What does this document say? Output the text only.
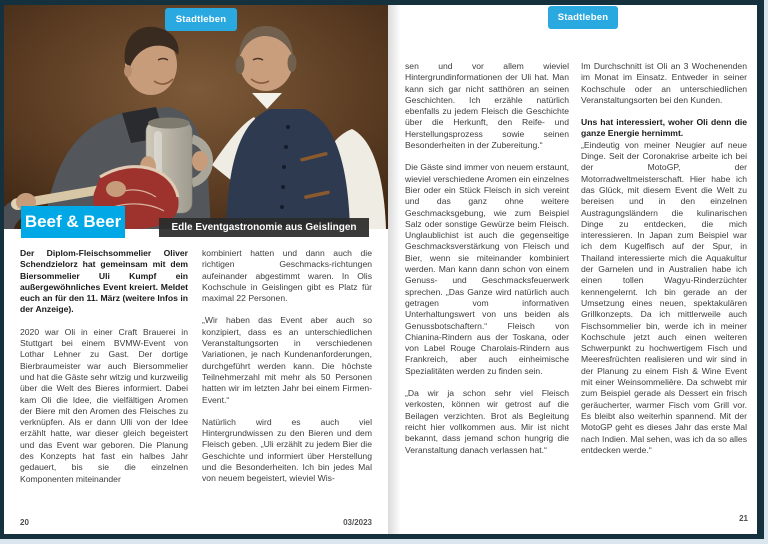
Stadtleben	Stadtleben
Beef & Beer	Edle Eventgastronomie aus Geislingen

Der Diplom-Fleischsommelier Oliver Schendzielorz hat gemeinsam mit dem Biersommelier Uli Kumpf ein außergewöhnliches Event kreiert. Meldet euch an für den 11. März (weitere Infos in der Anzeige).

2020 war Oli in einer Craft Brauerei in Stuttgart bei einem BVMW-Event von Lothar Lehner zu Gast. Der dortige Bierbraumeister war auch Biersommelier und hat die Gäste sehr witzig und kurzweilig über die Welt des Bieres informiert. Dabei kam Oli die Idee, die vielfältigen Aromen der Biere mit den Aromen des Fleisches zu verknüpfen. Als er dann Ulli von der Idee erzählt hatte, war dieser gleich begeistert und das Event war geboren. Die Planung des Konzepts hat fast ein halbes Jahr gedauert, bis sie die einzelnen Komponenten miteinander

kombiniert hatten und dann auch die richtigen Geschmacks-richtungen aufeinander abgestimmt waren. In Olis Kochschule in Geislingen gibt es Platz für maximal 22 Personen.

„Wir haben das Event aber auch so konzipiert, dass es an unterschiedlichen Veranstaltungsorten in verschiedenen Variationen, je nach Kundenanforderungen, durchgeführt werden kann. Die höchste Teilnehmerzahl mit mehr als 50 Personen hatten wir im letzten Jahr bei einem Firmen-Event.“

Natürlich wird es auch viel Hintergrundwissen zu den Bieren und dem Fleisch geben. „Uli erzählt zu jedem Bier die Geschichte und informiert über Herstellung und die Besonderheiten. Ich bin jedes Mal von neuem begeistert, wieviel Wis-

sen und vor allem wieviel Hintergrundinformationen der Uli hat. Man kann sich gar nicht satthören an seinen Geschichten. Ich erzähle natürlich ebenfalls zu jedem Fleisch die Geschichte über die Herkunft, den Reife- und Herstellungsprozess sowie seinen Besonderheiten in der Zubereitung.“

Die Gäste sind immer von neuem erstaunt, wieviel verschiedene Aromen ein einzelnes Bier oder ein Stück Fleisch in sich vereint und das ganz ohne weitere Geschmacksgebung, wie zum Beispiel Salz oder sonstige Gewürze beim Fleisch. Unglaublichist ist auch die gegenseitige Geschmacksverstärkung von Fleisch und Bier, wenn sie miteinander kombiniert werden. Man kann dann schon von einem Genuss- und Geschmacksfeuerwerk sprechen. „Das Ganze wird natürlich auch getragen vom informativen Unterhaltungswert von uns beiden als Genussbotschaftern.“ Fleisch von Chianina-Rindern aus der Toskana, oder von Label Rouge Charolais-Rindern aus Frankreich, aber auch einheimische Spezialitäten werden zu finden sein.

„Da wir ja schon sehr viel Fleisch verkosten, können wir getrost auf die Beilagen verzichten. Brot als Begleitung reicht hier vollkommen aus. Mir ist nicht bekannt, dass jemand schon hungrig die Veranstaltung danach verlassen hat.“

Im Durchschnitt ist Oli an 3 Wochenenden im Monat im Einsatz. Entweder in seiner Kochschule oder an unterschiedlichen Veranstaltungsorten bei den Kunden.

Uns hat interessiert, woher Oli denn die ganze Energie hernimmt.

„Eindeutig von meiner Neugier auf neue Dinge. Seit der Coronakrise arbeite ich bei der MotoGP, der Motorradweltmeisterschaft. Hier habe ich das Glück, mit diesem Event die Welt zu bereisen und in den einzelnen Austragungsländern die kulinarischen Dinge zu entdecken, die mich interessieren. In Japan zum Beispiel war ich dem Kugelfisch auf der Spur, in Thailand interessierte mich die Aquakultur der Garnelen und in Australien habe ich einen tollen Wagyu-Rinderzüchter kennengelernt. Ich bin gerade an der Umsetzung eines neuen, spektakulären Grillkonzepts. Da ich mittlerweile auch Fischsommelier bin, werde ich in meiner Kochschule jetzt auch einen weiteren Schwerpunkt zu hochwertigem Fisch und Meeresfrüchten realisieren und wir sind in der Planung zu einem Fish & Wine Event mit einer Weinsommelière. Da schwebt mir zum Beispiel gerade als Dessert ein frisch geräucherter, warmer Fisch vom Grill vor. Es bleibt also weiterhin spannend. Mit der MotoGP geht es dieses Jahr das erste Mal nach Indien. Mal sehen, was ich da so alles entdecken werde.“

20	03/2023	21
